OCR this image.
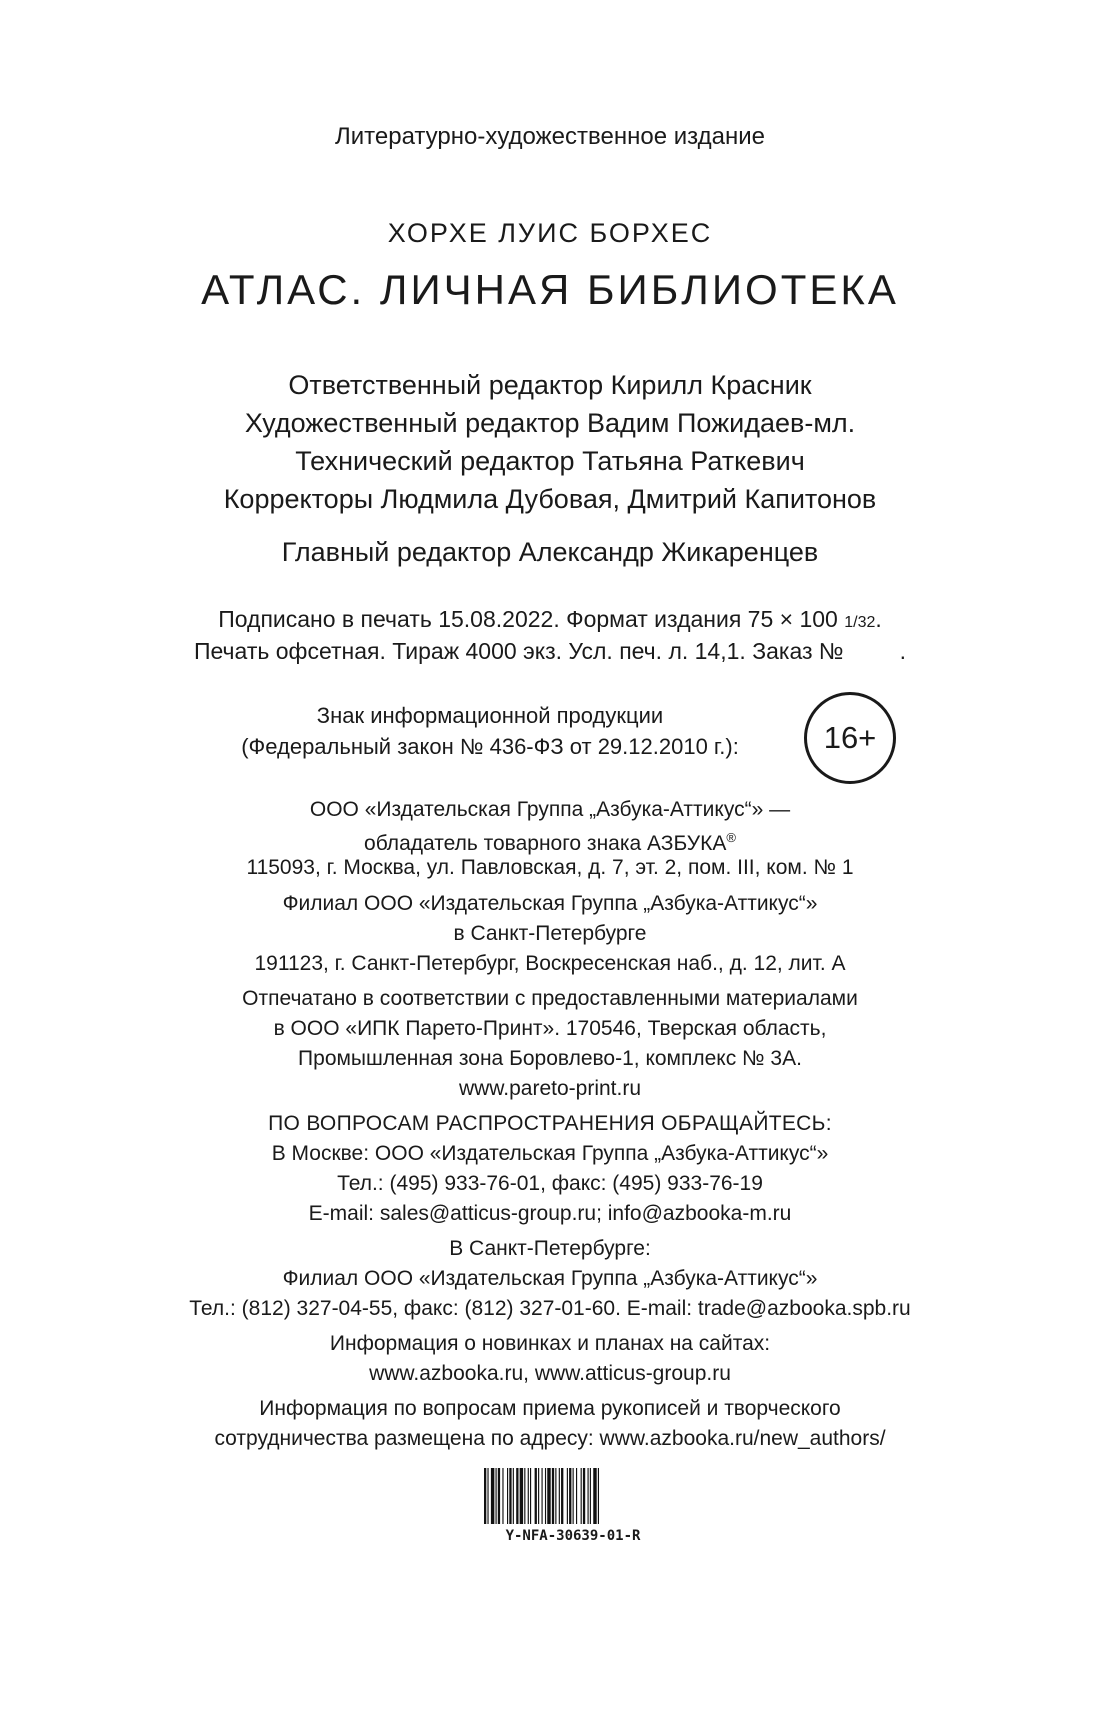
Литературно-художественное издание
ХОРХЕ ЛУИС БОРХЕС
АТЛАС. ЛИЧНАЯ БИБЛИОТЕКА
Ответственный редактор Кирилл Красник
Художественный редактор Вадим Пожидаев-мл.
Технический редактор Татьяна Раткевич
Корректоры Людмила Дубовая, Дмитрий Капитонов
Главный редактор Александр Жикаренцев
Подписано в печать 15.08.2022. Формат издания 75 × 100 1/32.
Печать офсетная. Тираж 4000 экз. Усл. печ. л. 14,1. Заказ № .
Знак информационной продукции
(Федеральный закон № 436-ФЗ от 29.12.2010 г.):	16+
ООО «Издательская Группа „Азбука-Аттикус“» —
обладатель товарного знака АЗБУКА®
115093, г. Москва, ул. Павловская, д. 7, эт. 2, пом. III, ком. № 1
Филиал ООО «Издательская Группа „Азбука-Аттикус“»
в Санкт-Петербурге
191123, г. Санкт-Петербург, Воскресенская наб., д. 12, лит. А
Отпечатано в соответствии с предоставленными материалами
в ООО «ИПК Парето-Принт». 170546, Тверская область,
Промышленная зона Боровлево-1, комплекс № 3А.
www.pareto-print.ru
ПО ВОПРОСАМ РАСПРОСТРАНЕНИЯ ОБРАЩАЙТЕСЬ:
В Москве: ООО «Издательская Группа „Азбука-Аттикус“»
Тел.: (495) 933-76-01, факс: (495) 933-76-19
E-mail: sales@atticus-group.ru; info@azbooka-m.ru
В Санкт-Петербурге:
Филиал ООО «Издательская Группа „Азбука-Аттикус“»
Тел.: (812) 327-04-55, факс: (812) 327-01-60. E-mail: trade@azbooka.spb.ru
Информация о новинках и планах на сайтах:
www.azbooka.ru, www.atticus-group.ru
Информация по вопросам приема рукописей и творческого
сотрудничества размещена по адресу: www.azbooka.ru/new_authors/
Y-NFA-30639-01-R
